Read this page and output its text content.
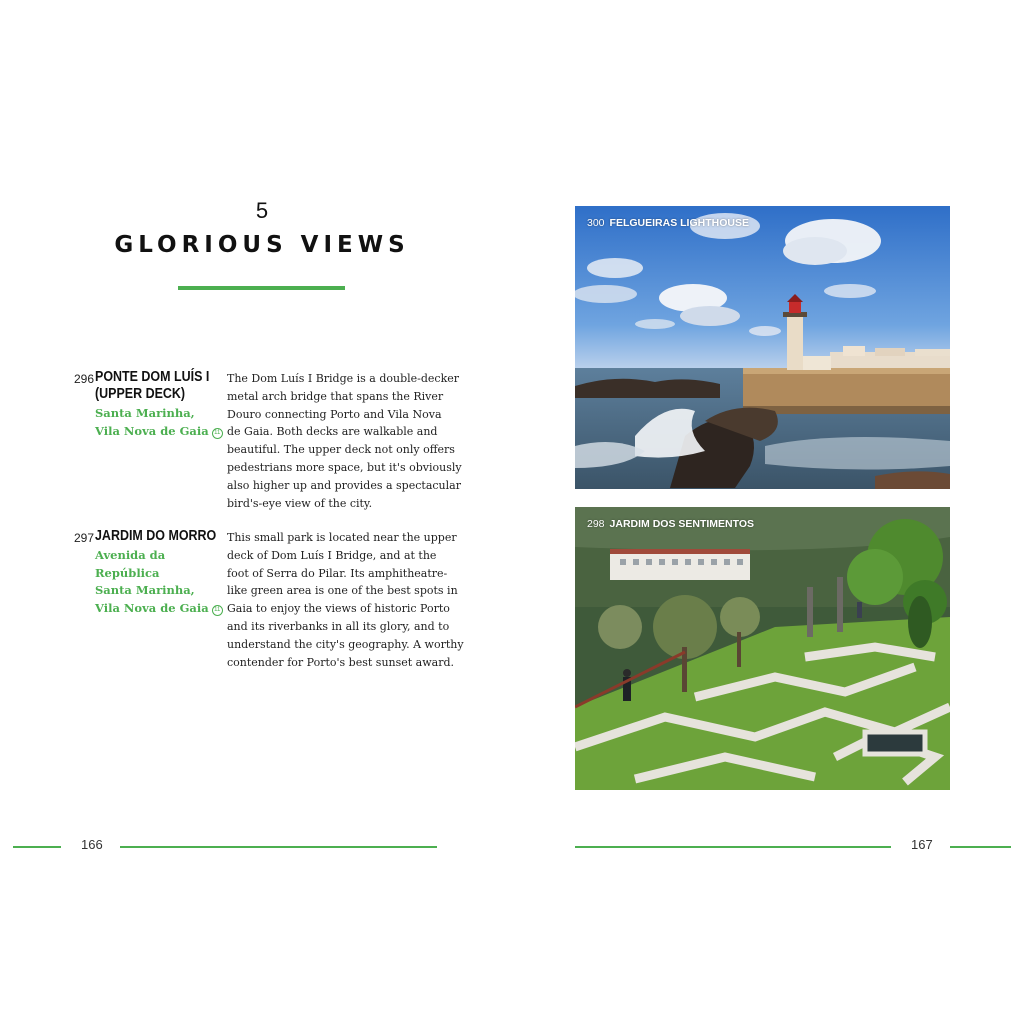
5
GLORIOUS VIEWS
296 PONTE DOM LUÍS I
(UPPER DECK)
Santa Marinha,
Vila Nova de Gaia 11
The Dom Luís I Bridge is a double-decker
metal arch bridge that spans the River
Douro connecting Porto and Vila Nova
de Gaia. Both decks are walkable and
beautiful. The upper deck not only offers
pedestrians more space, but it's obviously
also higher up and provides a spectacular
bird's-eye view of the city.
297 JARDIM DO MORRO
Avenida da
República
Santa Marinha,
Vila Nova de Gaia 11
This small park is located near the upper
deck of Dom Luís I Bridge, and at the
foot of Serra do Pilar. Its amphitheatre-
like green area is one of the best spots in
Gaia to enjoy the views of historic Porto
and its riverbanks in all its glory, and to
understand the city's geography. A worthy
contender for Porto's best sunset award.
300 FELGUEIRAS LIGHTHOUSE
298 JARDIM DOS SENTIMENTOS
166	167
